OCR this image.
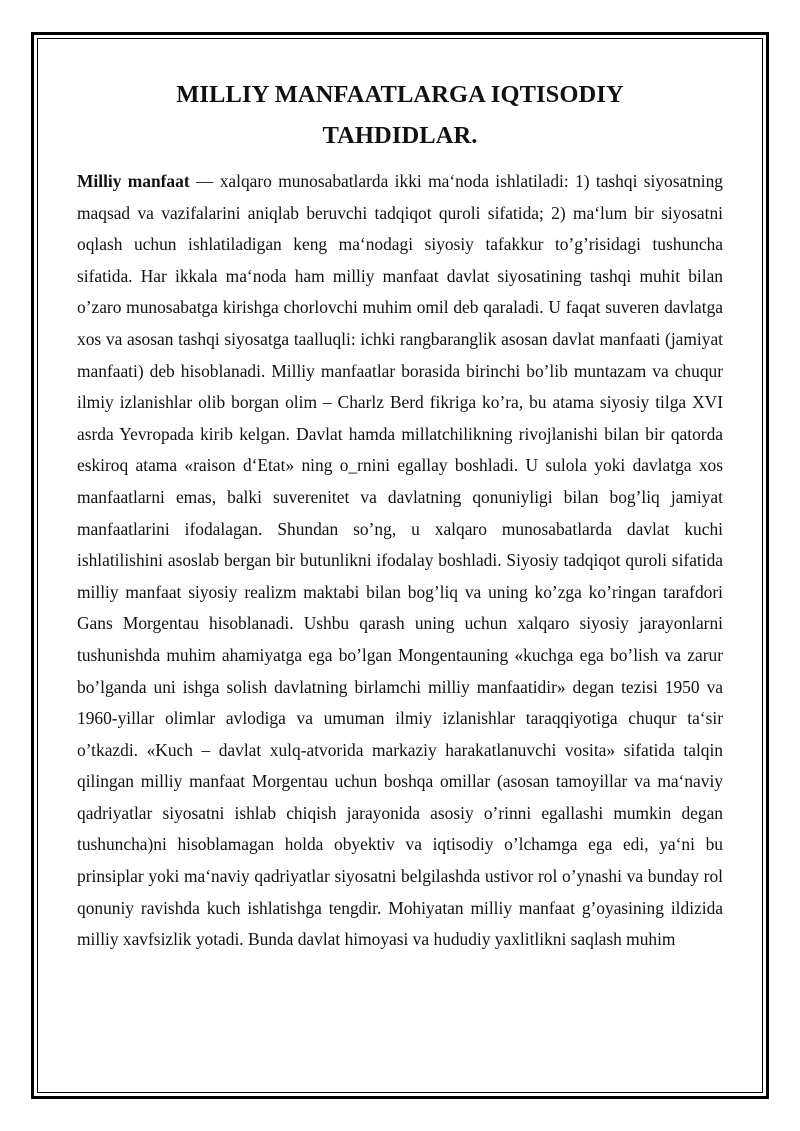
MILLIY MANFAATLARGA IQTISODIY
TAHDIDLAR.

Milliy manfaat — xalqaro munosabatlarda ikki ma‘noda ishlatiladi: 1) tashqi siyosatning maqsad va vazifalarini aniqlab beruvchi tadqiqot quroli sifatida; 2) ma‘lum bir siyosatni oqlash uchun ishlatiladigan keng ma‘nodagi siyosiy tafakkur to’g’risidagi tushuncha sifatida. Har ikkala ma‘noda ham milliy manfaat davlat siyosatining tashqi muhit bilan o’zaro munosabatga kirishga chorlovchi muhim omil deb qaraladi. U faqat suveren davlatga xos va asosan tashqi siyosatga taalluqli: ichki rangbaranglik asosan davlat manfaati (jamiyat manfaati) deb hisoblanadi. Milliy manfaatlar borasida birinchi bo’lib muntazam va chuqur ilmiy izlanishlar olib borgan olim – Charlz Berd fikriga ko’ra, bu atama siyosiy tilga XVI asrda Yevropada kirib kelgan. Davlat hamda millatchilikning rivojlanishi bilan bir qatorda eskiroq atama «raison d‘Etat» ning o_rnini egallay boshladi. U sulola yoki davlatga xos manfaatlarni emas, balki suverenitet va davlatning qonuniyligi bilan bog’liq jamiyat manfaatlarini ifodalagan. Shundan so’ng, u xalqaro munosabatlarda davlat kuchi ishlatilishini asoslab bergan bir butunlikni ifodalay boshladi. Siyosiy tadqiqot quroli sifatida milliy manfaat siyosiy realizm maktabi bilan bog’liq va uning ko’zga ko’ringan tarafdori Gans Morgentau hisoblanadi. Ushbu qarash uning uchun xalqaro siyosiy jarayonlarni tushunishda muhim ahamiyatga ega bo’lgan Mongentauning «kuchga ega bo’lish va zarur bo’lganda uni ishga solish davlatning birlamchi milliy manfaatidir» degan tezisi 1950 va 1960-yillar olimlar avlodiga va umuman ilmiy izlanishlar taraqqiyotiga chuqur ta‘sir o’tkazdi. «Kuch – davlat xulq-atvorida markaziy harakatlanuvchi vosita» sifatida talqin qilingan milliy manfaat Morgentau uchun boshqa omillar (asosan tamoyillar va ma‘naviy qadriyatlar siyosatni ishlab chiqish jarayonida asosiy o’rinni egallashi mumkin degan tushuncha)ni hisoblamagan holda obyektiv va iqtisodiy o’lchamga ega edi, ya‘ni bu prinsiplar yoki ma‘naviy qadriyatlar siyosatni belgilashda ustivor rol o’ynashi va bunday rol qonuniy ravishda kuch ishlatishga tengdir. Mohiyatan milliy manfaat g’oyasining ildizida milliy xavfsizlik yotadi. Bunda davlat himoyasi va hududiy yaxlitlikni saqlash muhim
